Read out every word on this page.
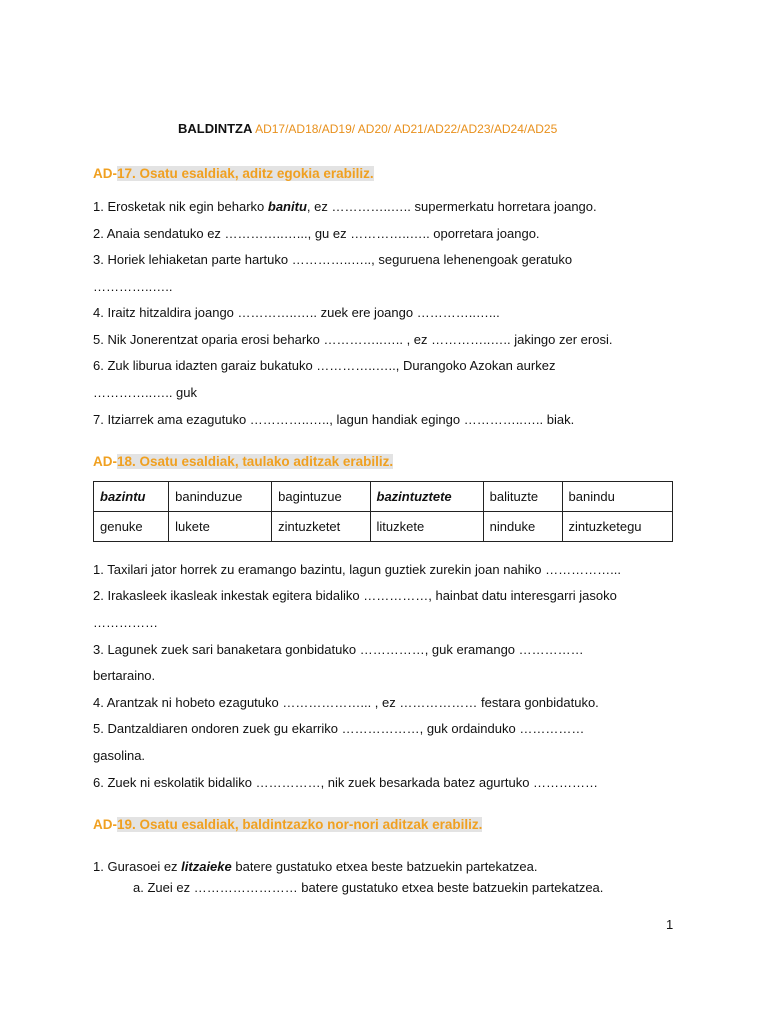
BALDINTZA AD17/AD18/AD19/ AD20/ AD21/AD22/AD23/AD24/AD25
AD-17. Osatu esaldiak, aditz egokia erabiliz.
1. Erosketak nik egin beharko banitu, ez …………..….. supermerkatu horretara joango.
2. Anaia sendatuko ez …………..…..., gu ez …………..….. oporretara joango.
3. Horiek lehiaketan parte hartuko …………..….., seguruena lehenengoak geratuko
…………..…..
4. Iraitz hitzaldira joango …………..….. zuek ere joango …………..…...
5. Nik Jonerentzat oparia erosi beharko …………..….. , ez …………..….. jakingo zer erosi.
6. Zuk liburua idazten garaiz bukatuko …………..….., Durangoko Azokan aurkez
…………..….. guk
7. Itziarrek ama ezagutuko …………..….., lagun handiak egingo …………..….. biak.
AD-18. Osatu esaldiak, taulako aditzak erabiliz.
bazintu	baninduzue	bagintuzue	bazintuztete	balituzte	banindu
genuke	lukete	zintuzketet	lituzkete	ninduke	zintuzketegu
1. Taxilari jator horrek zu eramango bazintu, lagun guztiek zurekin joan nahiko ……………...
2. Irakasleek ikasleak inkestak egitera bidaliko ……………, hainbat datu interesgarri jasoko
……………
3. Lagunek zuek sari banaketara gonbidatuko ……………, guk eramango ……………
bertaraino.
4. Arantzak ni hobeto ezagutuko ………………... , ez ……………… festara gonbidatuko.
5. Dantzaldiaren ondoren zuek gu ekarriko ………………, guk ordainduko ……………
gasolina.
6. Zuek ni eskolatik bidaliko ……………, nik zuek besarkada batez agurtuko ……………
AD-19. Osatu esaldiak, baldintzazko nor-nori aditzak erabiliz.
1. Gurasoei ez litzaieke batere gustatuko etxea beste batzuekin partekatzea.
a. Zuei ez …………………… batere gustatuko etxea beste batzuekin partekatzea.
1
